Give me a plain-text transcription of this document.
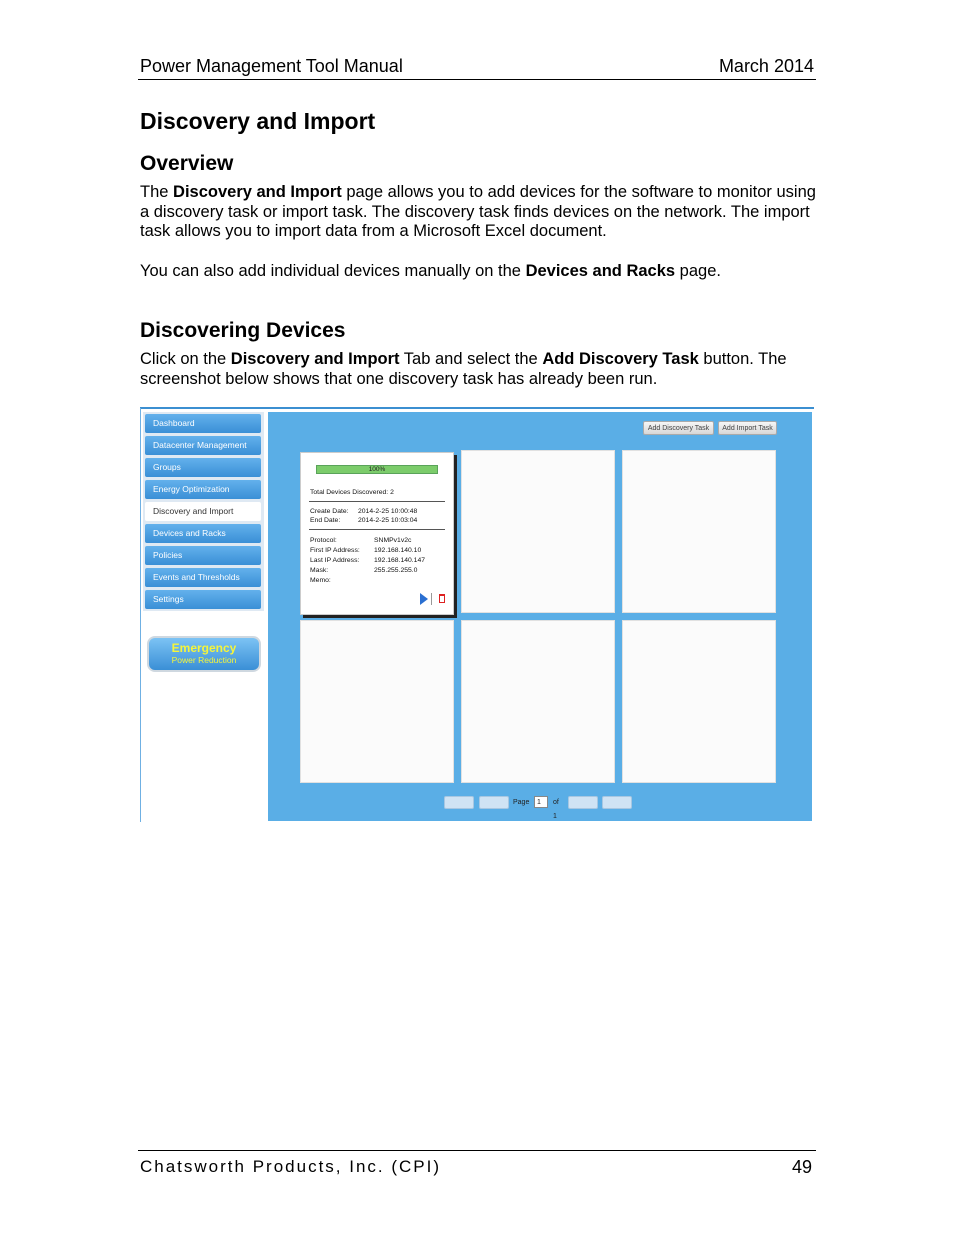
Power Management Tool Manual	March 2014
Discovery and Import
Overview
The Discovery and Import page allows you to add devices for the software to monitor using a discovery task or import task. The discovery task finds devices on the network. The import task allows you to import data from a Microsoft Excel document.
You can also add individual devices manually on the Devices and Racks page.
Discovering Devices
Click on the Discovery and Import Tab and select the Add Discovery Task button. The screenshot below shows that one discovery task has already been run.
Dashboard
Datacenter Management
Groups
Energy Optimization
Discovery and Import
Devices and Racks
Policies
Events and Thresholds
Settings
Emergency
Power Reduction
Add Discovery Task	Add Import Task
100%
Total Devices Discovered: 2
Create Date: 2014-2-25 10:00:48
End Date:	2014-2-25 10:03:04
Protocol:	SNMPv1v2c
First IP Address: 192.168.140.10
Last IP Address: 192.168.140.147
Mask:	255.255.255.0
Memo:
Page	1	of 1
Chatsworth Products, Inc. (CPI)	49
